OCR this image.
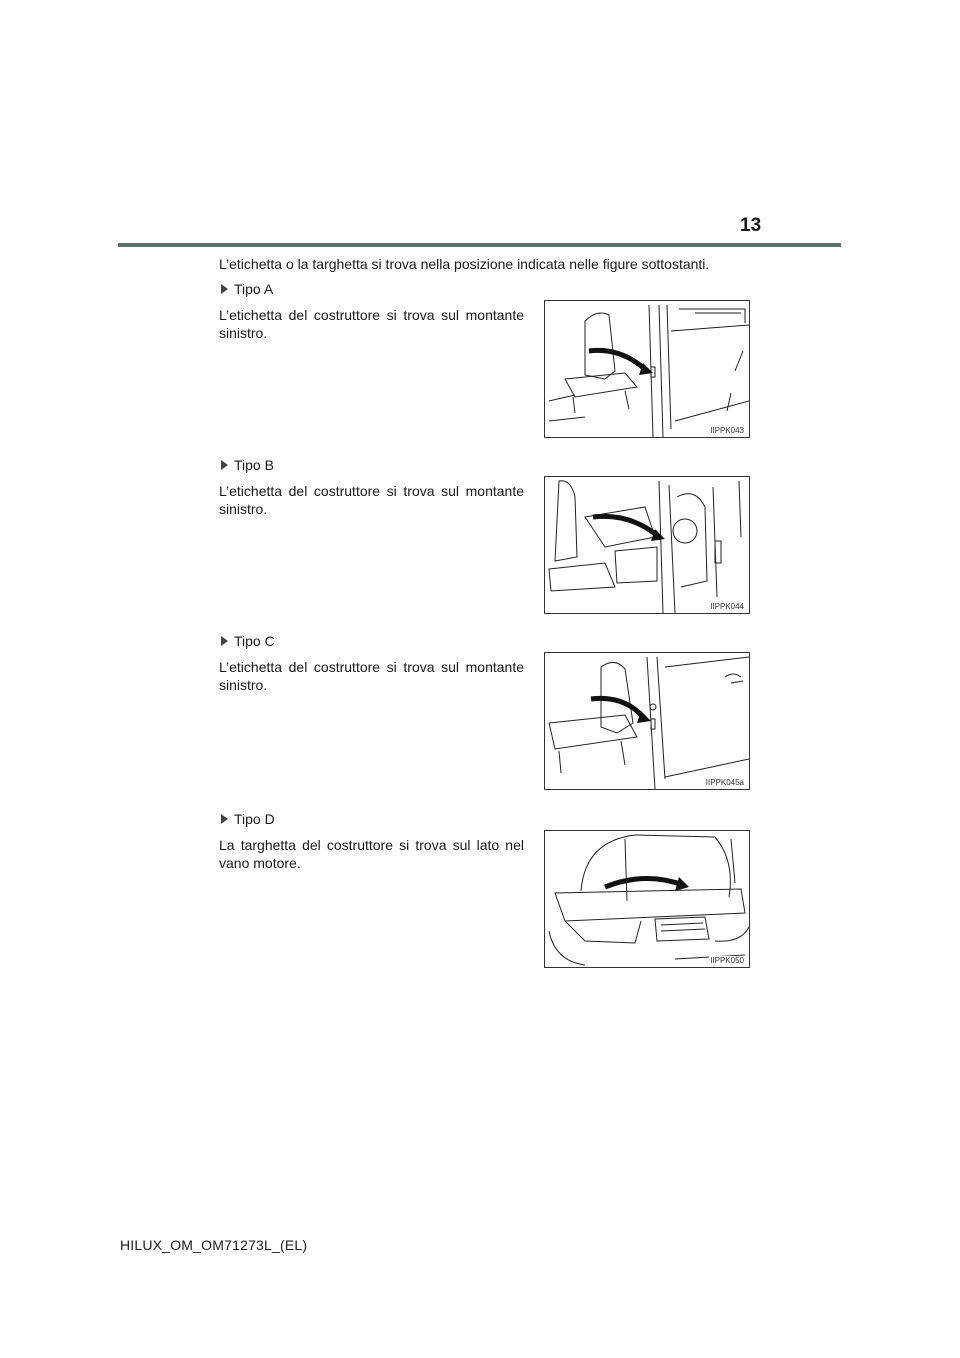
13
L’etichetta o la targhetta si trova nella posizione indicata nelle figure sottostanti.
Tipo A
L’etichetta del costruttore si trova sul montante sinistro.
IIPPK043
Tipo B
L’etichetta del costruttore si trova sul montante sinistro.
IIPPK044
Tipo C
L’etichetta del costruttore si trova sul montante sinistro.
IIPPK045a
Tipo D
La targhetta del costruttore si trova sul lato nel vano motore.
IIPPK050
HILUX_OM_OM71273L_(EL)
